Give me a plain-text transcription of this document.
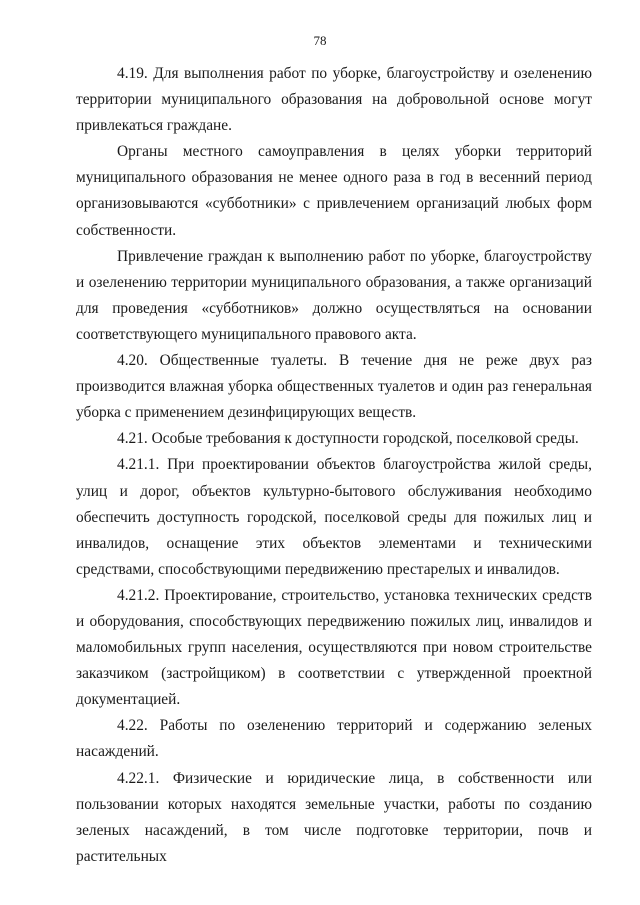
78

4.19. Для выполнения работ по уборке, благоустройству и озеленению территории муниципального образования на добровольной основе могут привлекаться граждане.

Органы местного самоуправления в целях уборки территорий муниципального образования не менее одного раза в год в весенний период организовываются «субботники» с привлечением организаций любых форм собственности.

Привлечение граждан к выполнению работ по уборке, благоустройству и озеленению территории муниципального образования, а также организаций для проведения «субботников» должно осуществляться на основании соответствующего муниципального правового акта.

4.20. Общественные туалеты. В течение дня не реже двух раз производится влажная уборка общественных туалетов и один раз генеральная уборка с применением дезинфицирующих веществ.

4.21. Особые требования к доступности городской, поселковой среды.

4.21.1. При проектировании объектов благоустройства жилой среды, улиц и дорог, объектов культурно-бытового обслуживания необходимо обеспечить доступность городской, поселковой среды для пожилых лиц и инвалидов, оснащение этих объектов элементами и техническими средствами, способствующими передвижению престарелых и инвалидов.

4.21.2. Проектирование, строительство, установка технических средств и оборудования, способствующих передвижению пожилых лиц, инвалидов и маломобильных групп населения, осуществляются при новом строительстве заказчиком (застройщиком) в соответствии с утвержденной проектной документацией.

4.22. Работы по озеленению территорий и содержанию зеленых насаждений.

4.22.1. Физические и юридические лица, в собственности или пользовании которых находятся земельные участки, работы по созданию зеленых насаждений, в том числе подготовке территории, почв и растительных
